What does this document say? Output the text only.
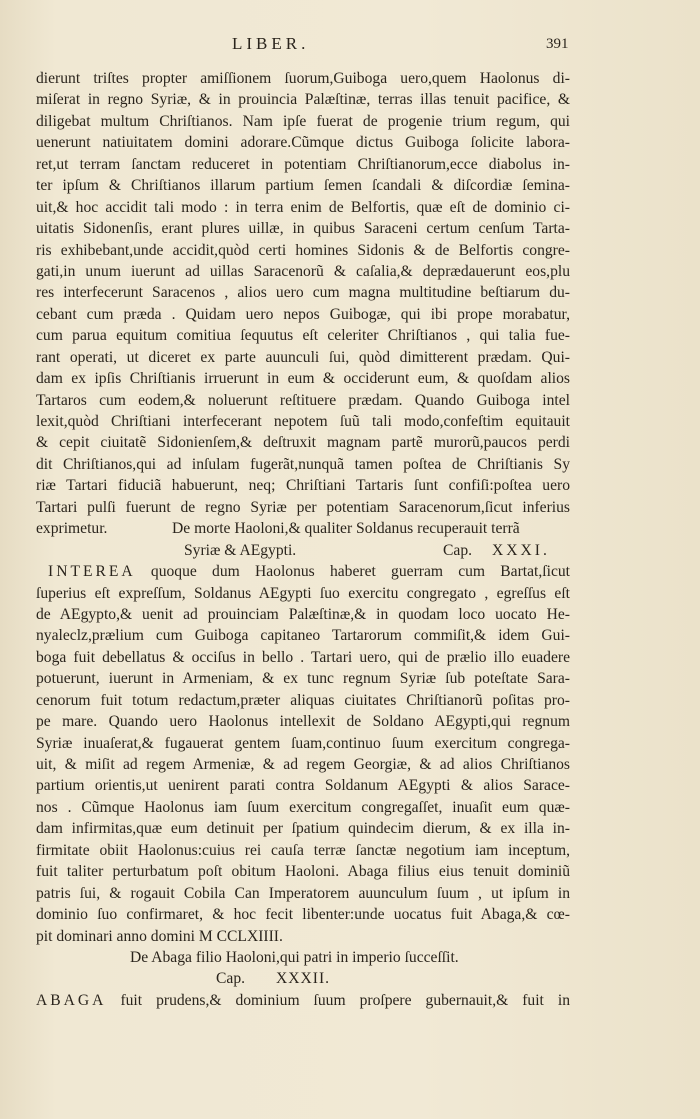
LIBER.	391
dierunt triſtes propter amiſſionem ſuorum,Guiboga uero,quem Haolonus di-
miſerat in regno Syriæ, & in prouincia Palæſtinæ, terras illas tenuit pacifice, &
diligebat multum Chriſtianos. Nam ipſe fuerat de progenie trium regum, qui
uenerunt natiuitatem domini adorare.Cũmque dictus Guiboga ſolicite labora-
ret,ut terram ſanctam reduceret in potentiam Chriſtianorum,ecce diabolus in-
ter ipſum & Chriſtianos illarum partium ſemen ſcandali & diſcordiæ ſemina-
uit,& hoc accidit tali modo : in terra enim de Belfortis, quæ eſt de dominio ci-
uitatis Sidonenſis, erant plures uillæ, in quibus Saraceni certum cenſum Tarta-
ris exhibebant,unde accidit,quòd certi homines Sidonis & de Belfortis congre-
gati,in unum iuerunt ad uillas Saracenorũ & caſalia,& deprædauerunt eos,plu
res interfecerunt Saracenos , alios uero cum magna multitudine beſtiarum du-
cebant cum præda . Quidam uero nepos Guibogæ, qui ibi prope morabatur,
cum parua equitum comitiua ſequutus eſt celeriter Chriſtianos , qui talia fue-
rant operati, ut diceret ex parte auunculi ſui, quòd dimitterent prædam. Qui-
dam ex ipſis Chriſtianis irruerunt in eum & occiderunt eum, & quoſdam alios
Tartaros cum eodem,& noluerunt reſtituere prædam. Quando Guiboga intel
lexit,quòd Chriſtiani interfecerant nepotem ſuũ tali modo,confeſtim equitauit
& cepit ciuitatẽ Sidonienſem,& deſtruxit magnam partẽ murorũ,paucos perdi
dit Chriſtianos,qui ad inſulam fugerãt,nunquã tamen poſtea de Chriſtianis Sy
riæ Tartari fiduciã habuerunt, neq; Chriſtiani Tartaris ſunt confiſi:poſtea uero
Tartari pulſi fuerunt de regno Syriæ per potentiam Saracenorum,ſicut inferius
exprimetur.	De morte Haoloni,& qualiter Soldanus recuperauit terrã
Syriæ & AEgypti.	Cap. XXXI.
INTEREA quoque dum Haolonus haberet guerram cum Bartat,ſicut
ſuperius eſt expreſſum, Soldanus AEgypti ſuo exercitu congregato , egreſſus eſt
de AEgypto,& uenit ad prouinciam Palæſtinæ,& in quodam loco uocato He-
nyaleclz,prælium cum Guiboga capitaneo Tartarorum commiſit,& idem Gui-
boga fuit debellatus & occiſus in bello . Tartari uero, qui de prælio illo euadere
potuerunt, iuerunt in Armeniam, & ex tunc regnum Syriæ ſub poteſtate Sara-
cenorum fuit totum redactum,præter aliquas ciuitates Chriſtianorũ poſitas pro-
pe mare. Quando uero Haolonus intellexit de Soldano AEgypti,qui regnum
Syriæ inuaſerat,& fugauerat gentem ſuam,continuo ſuum exercitum congrega-
uit, & miſit ad regem Armeniæ, & ad regem Georgiæ, & ad alios Chriſtianos
partium orientis,ut uenirent parati contra Soldanum AEgypti & alios Saracе-
nos . Cũmque Haolonus iam ſuum exercitum congregaſſet, inuaſit eum quæ-
dam infirmitas,quæ eum detinuit per ſpatium quindecim dierum, & ex illa in-
firmitate obiit Haolonus:cuius rei cauſa terræ ſanctæ negotium iam inceptum,
fuit taliter perturbatum poſt obitum Haoloni. Abaga filius eius tenuit dominiũ
patris ſui, & rogauit Cobila Can Imperatorem auunculum ſuum , ut ipſum in
dominio ſuo confirmaret, & hoc fecit libenter:unde uocatus fuit Abaga,& cœ-
pit dominari anno domini M CCLXIIII.
De Abaga filio Haoloni,qui patri in imperio ſucceſſit.
Cap. XXXII.
ABAGA fuit prudens,& dominium ſuum proſpere gubernauit,& fuit in
